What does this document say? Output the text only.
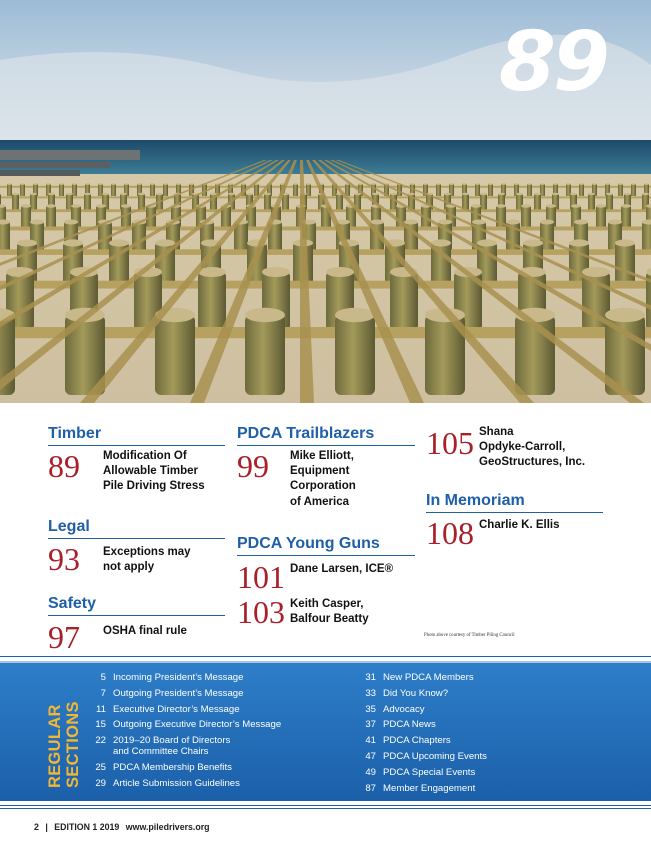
89
Timber
89 Modification Of
Allowable Timber
Pile Driving Stress
Legal
93 Exceptions may
not apply
Safety
97 OSHA final rule
PDCA Trailblazers
99 Mike Elliott,
Equipment
Corporation
of America
PDCA Young Guns
101 Dane Larsen, ICE®
103 Keith Casper,
Balfour Beatty
105 Shana
Opdyke-Carroll,
GeoStructures, Inc.
In Memoriam
108 Charlie K. Ellis
Photo above courtesy of Timber Piling Council
REGULAR SECTIONS
2 | EDITION 1 2019 www.piledrivers.org
5 Incoming President’s Message
7 Outgoing President’s Message
11 Executive Director’s Message
15 Outgoing Executive Director’s Message
22 2019–20 Board of Directors
and Committee Chairs
25 PDCA Membership Benefits
29 Article Submission Guidelines
31 New PDCA Members
33 Did You Know?
35 Advocacy
37 PDCA News
41 PDCA Chapters
47 PDCA Upcoming Events
49 PDCA Special Events
87 Member Engagement
